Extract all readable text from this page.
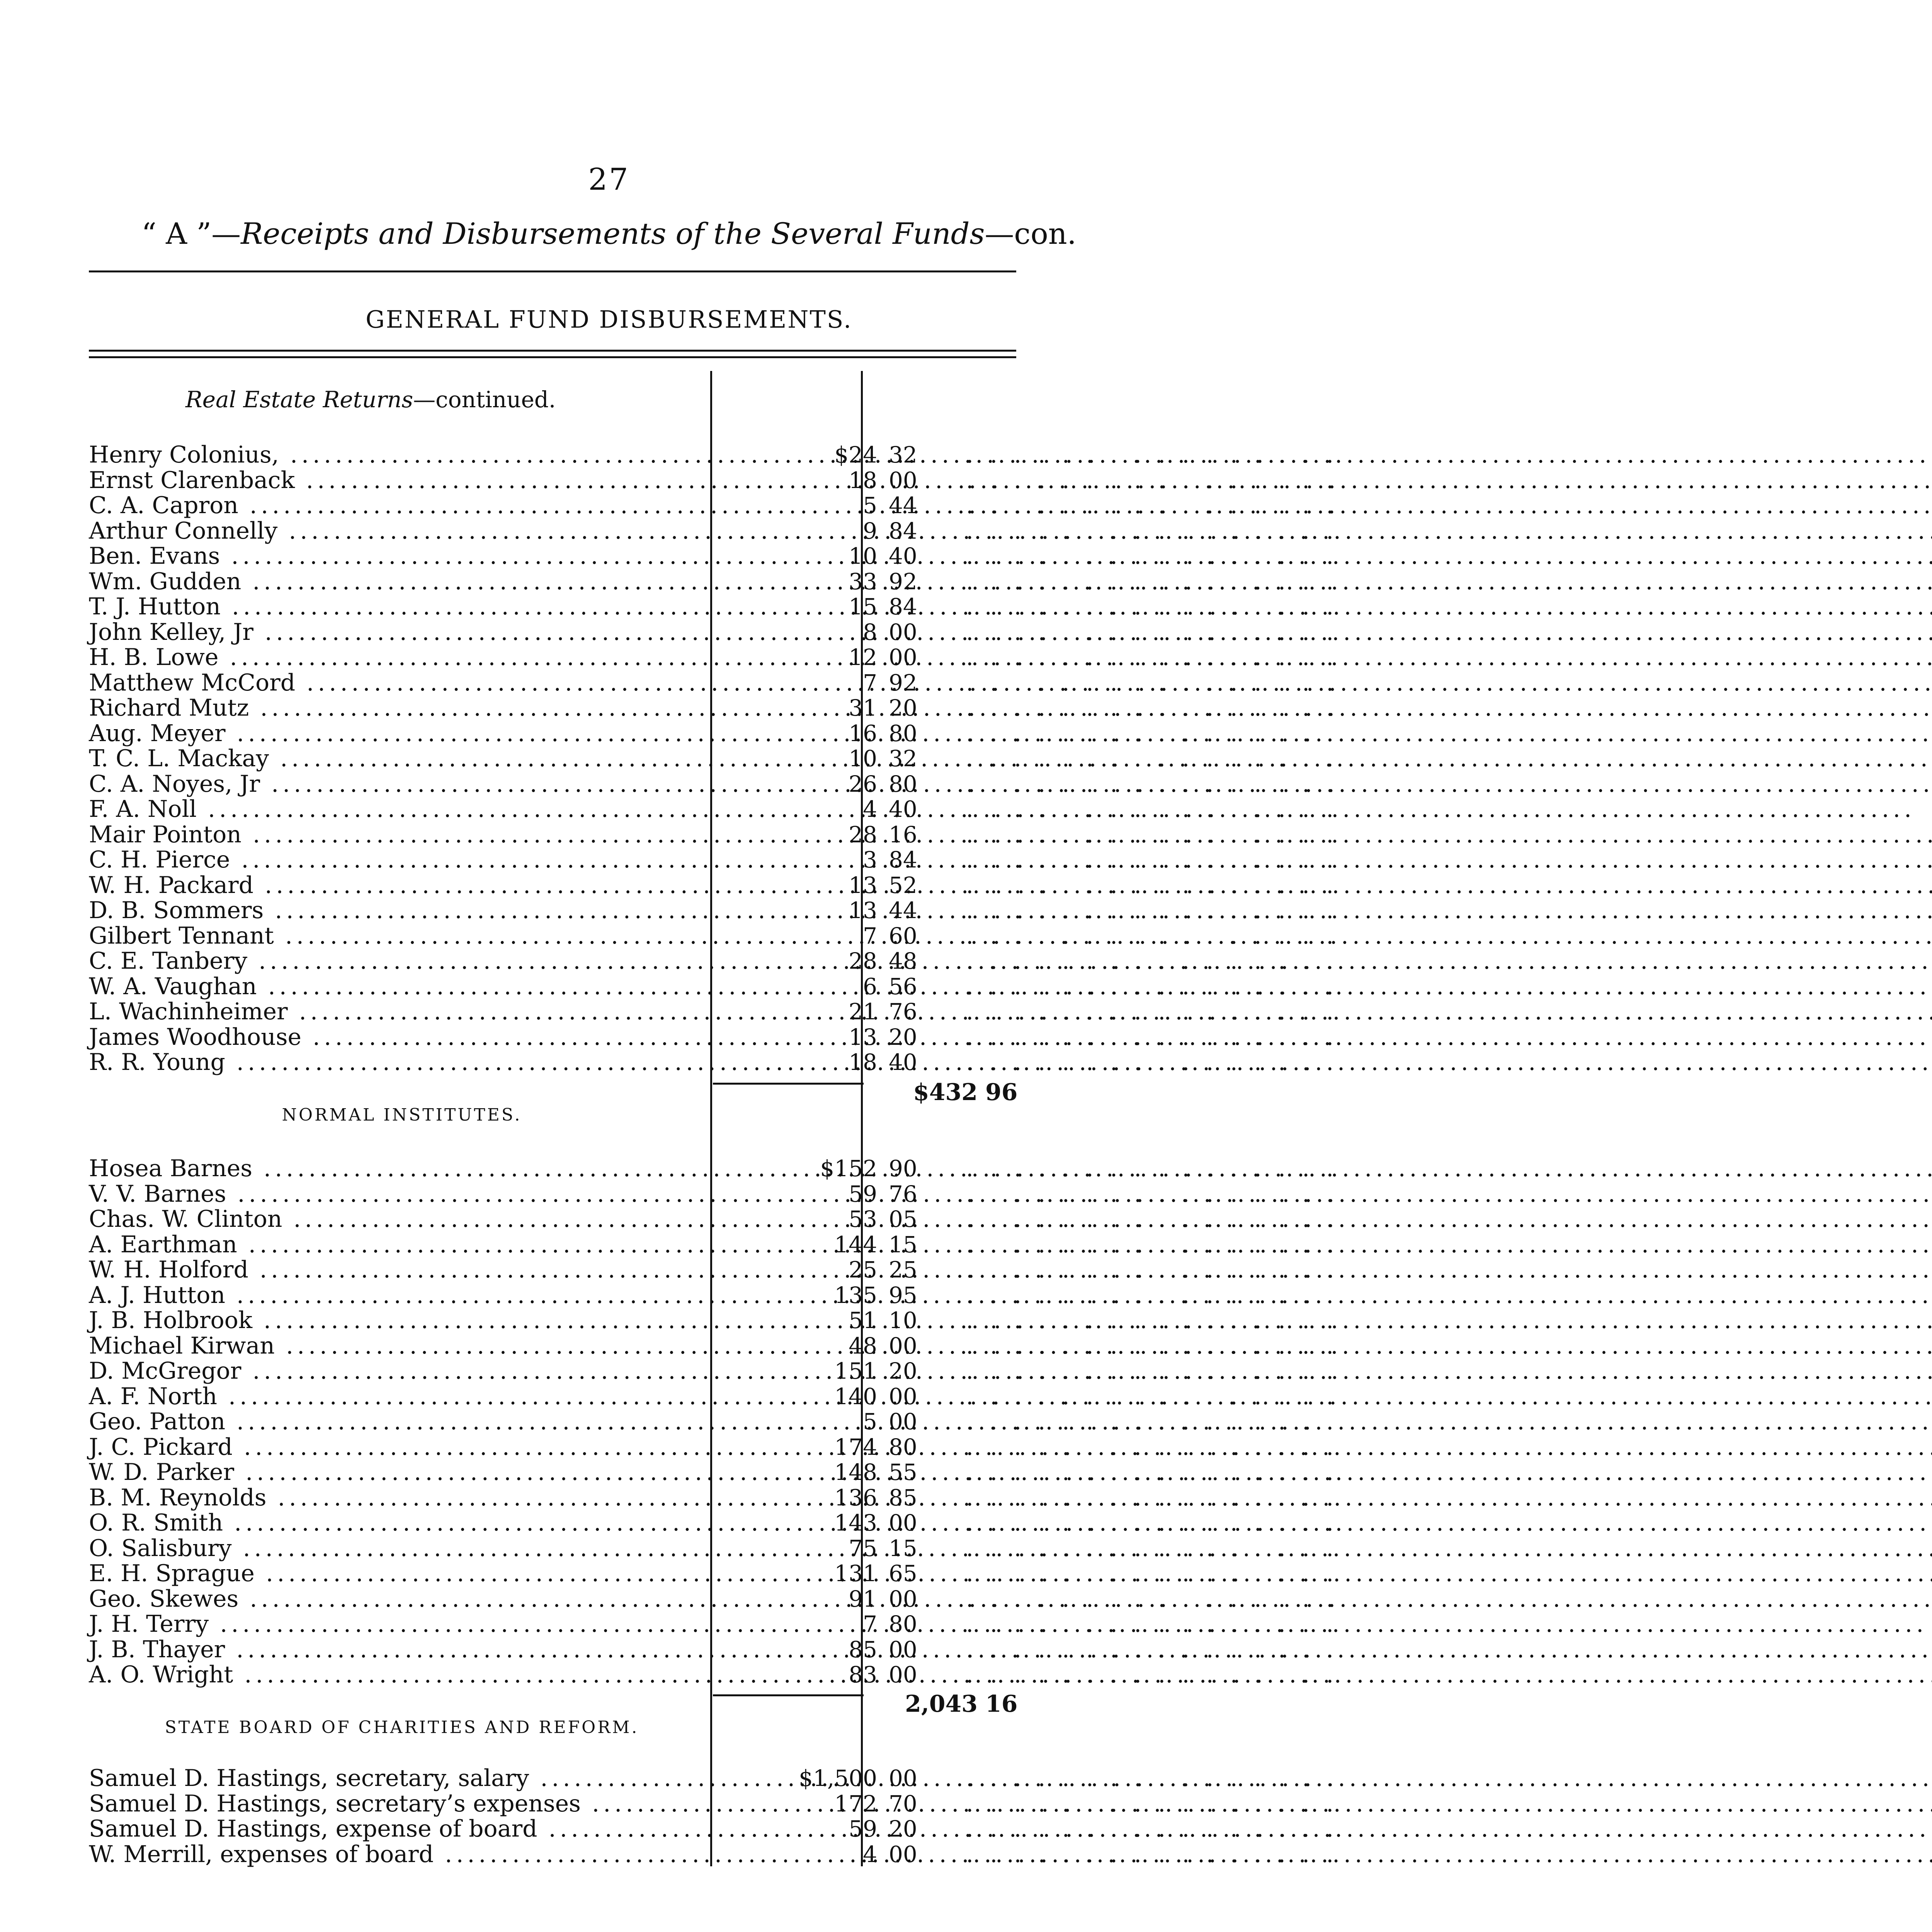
27
“ A ”—Receipts and Disbursements of the Several Funds—con.
GENERAL FUND DISBURSEMENTS.
Real Estate Returns—continued.
Henry Colonius, .....	$24 32	. . . . . . . . . . . . . . . .
Ernst Clarenback .....	18 00	. . . . . . . . . . . . . . . .
C. A. Capron .....	5 44	. . . . . . . . . . . . . . . .
Arthur Connelly .....	9 84	. . . . . . . . . . . . . . . .
Ben. Evans .....	10 40	. . . . . . . . . . . . . . . .
Wm. Gudden .....	33 92	. . . . . . . . . . . . . . . .
T. J. Hutton .....	15 84	. . . . . . . . . . . . . . . .
John Kelley, Jr .....	8 00	. . . . . . . . . . . . . . . .
H. B. Lowe .....	12 00	. . . . . . . . . . . . . . . .
Matthew McCord .....	7 92	. . . . . . . . . . . . . . . .
Richard Mutz .....	31 20	. . . . . . . . . . . . . . . .
Aug. Meyer .....	16 80	. . . . . . . . . . . . . . . .
T. C. L. Mackay .....	10 32	. . . . . . . . . . . . . . . .
C. A. Noyes, Jr .....	26 80	. . . . . . . . . . . . . . . .
F. A. Noll .....	4 40	. . . . . . . . . . . . . . . .
Mair Pointon .....	28 16	. . . . . . . . . . . . . . . .
C. H. Pierce .....	3 84	. . . . . . . . . . . . . . . .
W. H. Packard .....	13 52	. . . . . . . . . . . . . . . .
D. B. Sommers .....	13 44	. . . . . . . . . . . . . . . .
Gilbert Tennant .....	7 60	. . . . . . . . . . . . . . . .
C. E. Tanbery .....	28 48	. . . . . . . . . . . . . . . .
W. A. Vaughan .....	6 56	. . . . . . . . . . . . . . . .
L. Wachinheimer .....	21 76	. . . . . . . . . . . . . . . .
James Woodhouse .....	13 20	. . . . . . . . . . . . . . . .
R. R. Young .....	18 40	. . . . . . . . . . . . . . . .
$432 96
NORMAL INSTITUTES.
Hosea Barnes .....	$152 90	. . . . . . . . . . . . . . . .
V. V. Barnes .....	59 76	. . . . . . . . . . . . . . . .
Chas. W. Clinton .....	53 05	. . . . . . . . . . . . . . . .
A. Earthman .....	144 15	. . . . . . . . . . . . . . . .
W. H. Holford .....	25 25	. . . . . . . . . . . . . . . .
A. J. Hutton .....	135 95	. . . . . . . . . . . . . . . .
J. B. Holbrook .....	51 10	. . . . . . . . . . . . . . . .
Michael Kirwan .....	48 00	. . . . . . . . . . . . . . . .
D. McGregor .....	151 20	. . . . . . . . . . . . . . . .
A. F. North .....	140 00	. . . . . . . . . . . . . . . .
Geo. Patton .....	5 00	. . . . . . . . . . . . . . . .
J. C. Pickard .....	174 80	. . . . . . . . . . . . . . . .
W. D. Parker .....	148 55	. . . . . . . . . . . . . . . .
B. M. Reynolds .....	136 85	. . . . . . . . . . . . . . . .
O. R. Smith .....	143 00	. . . . . . . . . . . . . . . .
O. Salisbury .....	75 15	. . . . . . . . . . . . . . . .
E. H. Sprague .....	131 65	. . . . . . . . . . . . . . . .
Geo. Skewes .....	91 00	. . . . . . . . . . . . . . . .
J. H. Terry .....	7 80	. . . . . . . . . . . . . . . .
J. B. Thayer .....	85 00	. . . . . . . . . . . . . . . .
A. O. Wright .....	83 00	. . . . . . . . . . . . . . . .
2,043 16
STATE BOARD OF CHARITIES AND REFORM.
Samuel D. Hastings, secretary, salary .....	$1,500 00	. . . . . . . . . . . . . . . .
Samuel D. Hastings, secretary’s expenses .....	172 70	. . . . . . . . . . . . . . . .
Samuel D. Hastings, expense of board .....	59 20	. . . . . . . . . . . . . . . .
W. Merrill, expenses of board .....	4 00	. . . . . . . . . . . . . . . .
